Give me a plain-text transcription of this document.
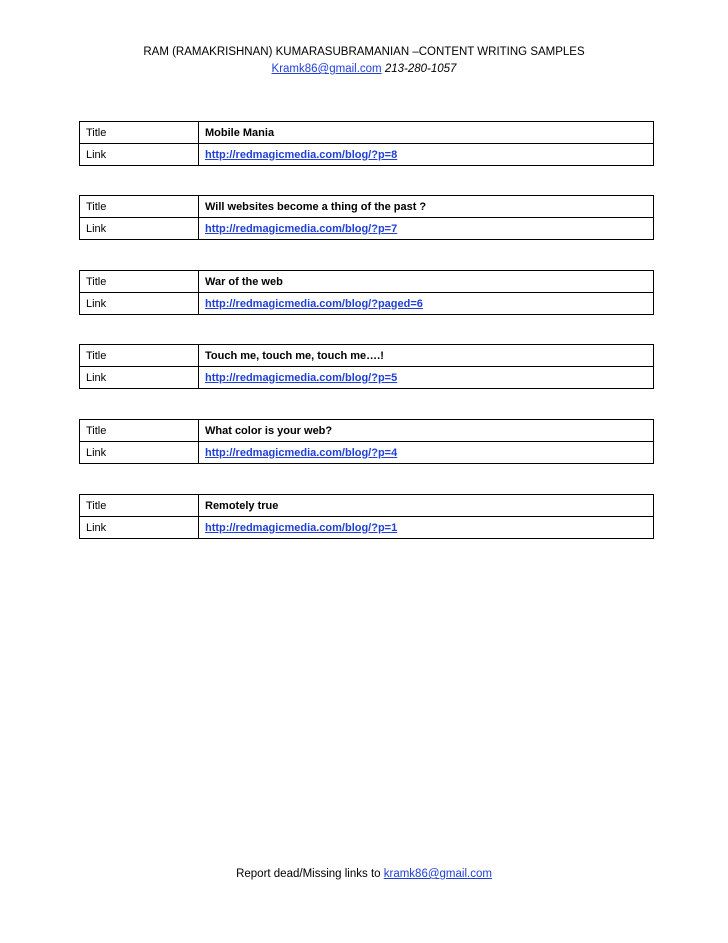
RAM (RAMAKRISHNAN) KUMARASUBRAMANIAN –CONTENT WRITING SAMPLES
Kramk86@gmail.com 213-280-1057
Title	Mobile Mania
Link	http://redmagicmedia.com/blog/?p=8
Title	Will websites become a thing of the past ?
Link	http://redmagicmedia.com/blog/?p=7
Title	War of the web
Link	http://redmagicmedia.com/blog/?paged=6
Title	Touch me, touch me, touch me….!
Link	http://redmagicmedia.com/blog/?p=5
Title	What color is your web?
Link	http://redmagicmedia.com/blog/?p=4
Title	Remotely true
Link	http://redmagicmedia.com/blog/?p=1
Report dead/Missing links to kramk86@gmail.com
